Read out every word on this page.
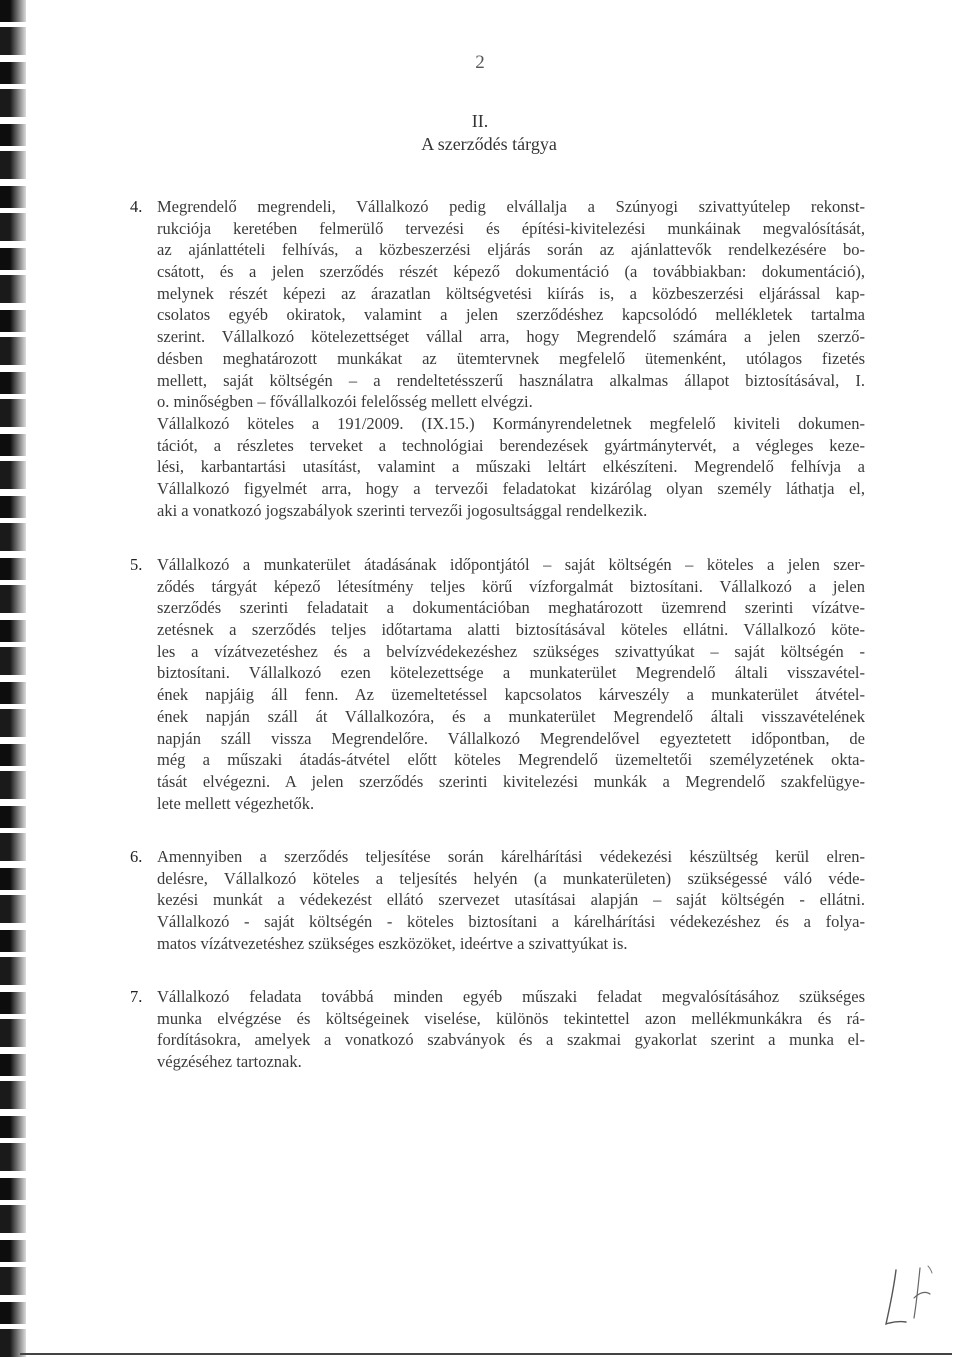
2
II.
A szerződés tárgya
4. Megrendelő megrendeli, Vállalkozó pedig elvállalja a Szúnyogi szivattyútelep rekonst-
rukciója keretében felmerülő tervezési és építési-kivitelezési munkáinak megvalósítását,
az ajánlattételi felhívás, a közbeszerzési eljárás során az ajánlattevők rendelkezésére bo-
csátott, és a jelen szerződés részét képező dokumentáció (a továbbiakban: dokumentáció),
melynek részét képezi az árazatlan költségvetési kiírás is, a közbeszerzési eljárással kap-
csolatos egyéb okiratok, valamint a jelen szerződéshez kapcsolódó mellékletek tartalma
szerint. Vállalkozó kötelezettséget vállal arra, hogy Megrendelő számára a jelen szerző-
désben meghatározott munkákat az ütemtervnek megfelelő ütemenként, utólagos fizetés
mellett, saját költségén – a rendeltetésszerű használatra alkalmas állapot biztosításával, I.
o. minőségben – fővállalkozói felelősség mellett elvégzi.
Vállalkozó köteles a 191/2009. (IX.15.) Kormányrendeletnek megfelelő kiviteli dokumen-
tációt, a részletes terveket a technológiai berendezések gyártmánytervét, a végleges keze-
lési, karbantartási utasítást, valamint a műszaki leltárt elkészíteni. Megrendelő felhívja a
Vállalkozó figyelmét arra, hogy a tervezői feladatokat kizárólag olyan személy láthatja el,
aki a vonatkozó jogszabályok szerinti tervezői jogosultsággal rendelkezik.
5. Vállalkozó a munkaterület átadásának időpontjától – saját költségén – köteles a jelen szer-
ződés tárgyát képező létesítmény teljes körű vízforgalmát biztosítani. Vállalkozó a jelen
szerződés szerinti feladatait a dokumentációban meghatározott üzemrend szerinti vízátve-
zetésnek a szerződés teljes időtartama alatti biztosításával köteles ellátni. Vállalkozó köte-
les a vízátvezetéshez és a belvízvédekezéshez szükséges szivattyúkat – saját költségén -
biztosítani. Vállalkozó ezen kötelezettsége a munkaterület Megrendelő általi visszavétel-
ének napjáig áll fenn. Az üzemeltetéssel kapcsolatos kárveszély a munkaterület átvétel-
ének napján száll át Vállalkozóra, és a munkaterület Megrendelő általi visszavételének
napján száll vissza Megrendelőre. Vállalkozó Megrendelővel egyeztetett időpontban, de
még a műszaki átadás-átvétel előtt köteles Megrendelő üzemeltetői személyzetének okta-
tását elvégezni. A jelen szerződés szerinti kivitelezési munkák a Megrendelő szakfelügye-
lete mellett végezhetők.
6. Amennyiben a szerződés teljesítése során kárelhárítási védekezési készültség kerül elren-
delésre, Vállalkozó köteles a teljesítés helyén (a munkaterületen) szükségessé váló véde-
kezési munkát a védekezést ellátó szervezet utasításai alapján – saját költségén - ellátni.
Vállalkozó - saját költségén - köteles biztosítani a kárelhárítási védekezéshez és a folya-
matos vízátvezetéshez szükséges eszközöket, ideértve a szivattyúkat is.
7. Vállalkozó feladata továbbá minden egyéb műszaki feladat megvalósításához szükséges
munka elvégzése és költségeinek viselése, különös tekintettel azon mellékmunkákra és rá-
fordításokra, amelyek a vonatkozó szabványok és a szakmai gyakorlat szerint a munka el-
végzéséhez tartoznak.
